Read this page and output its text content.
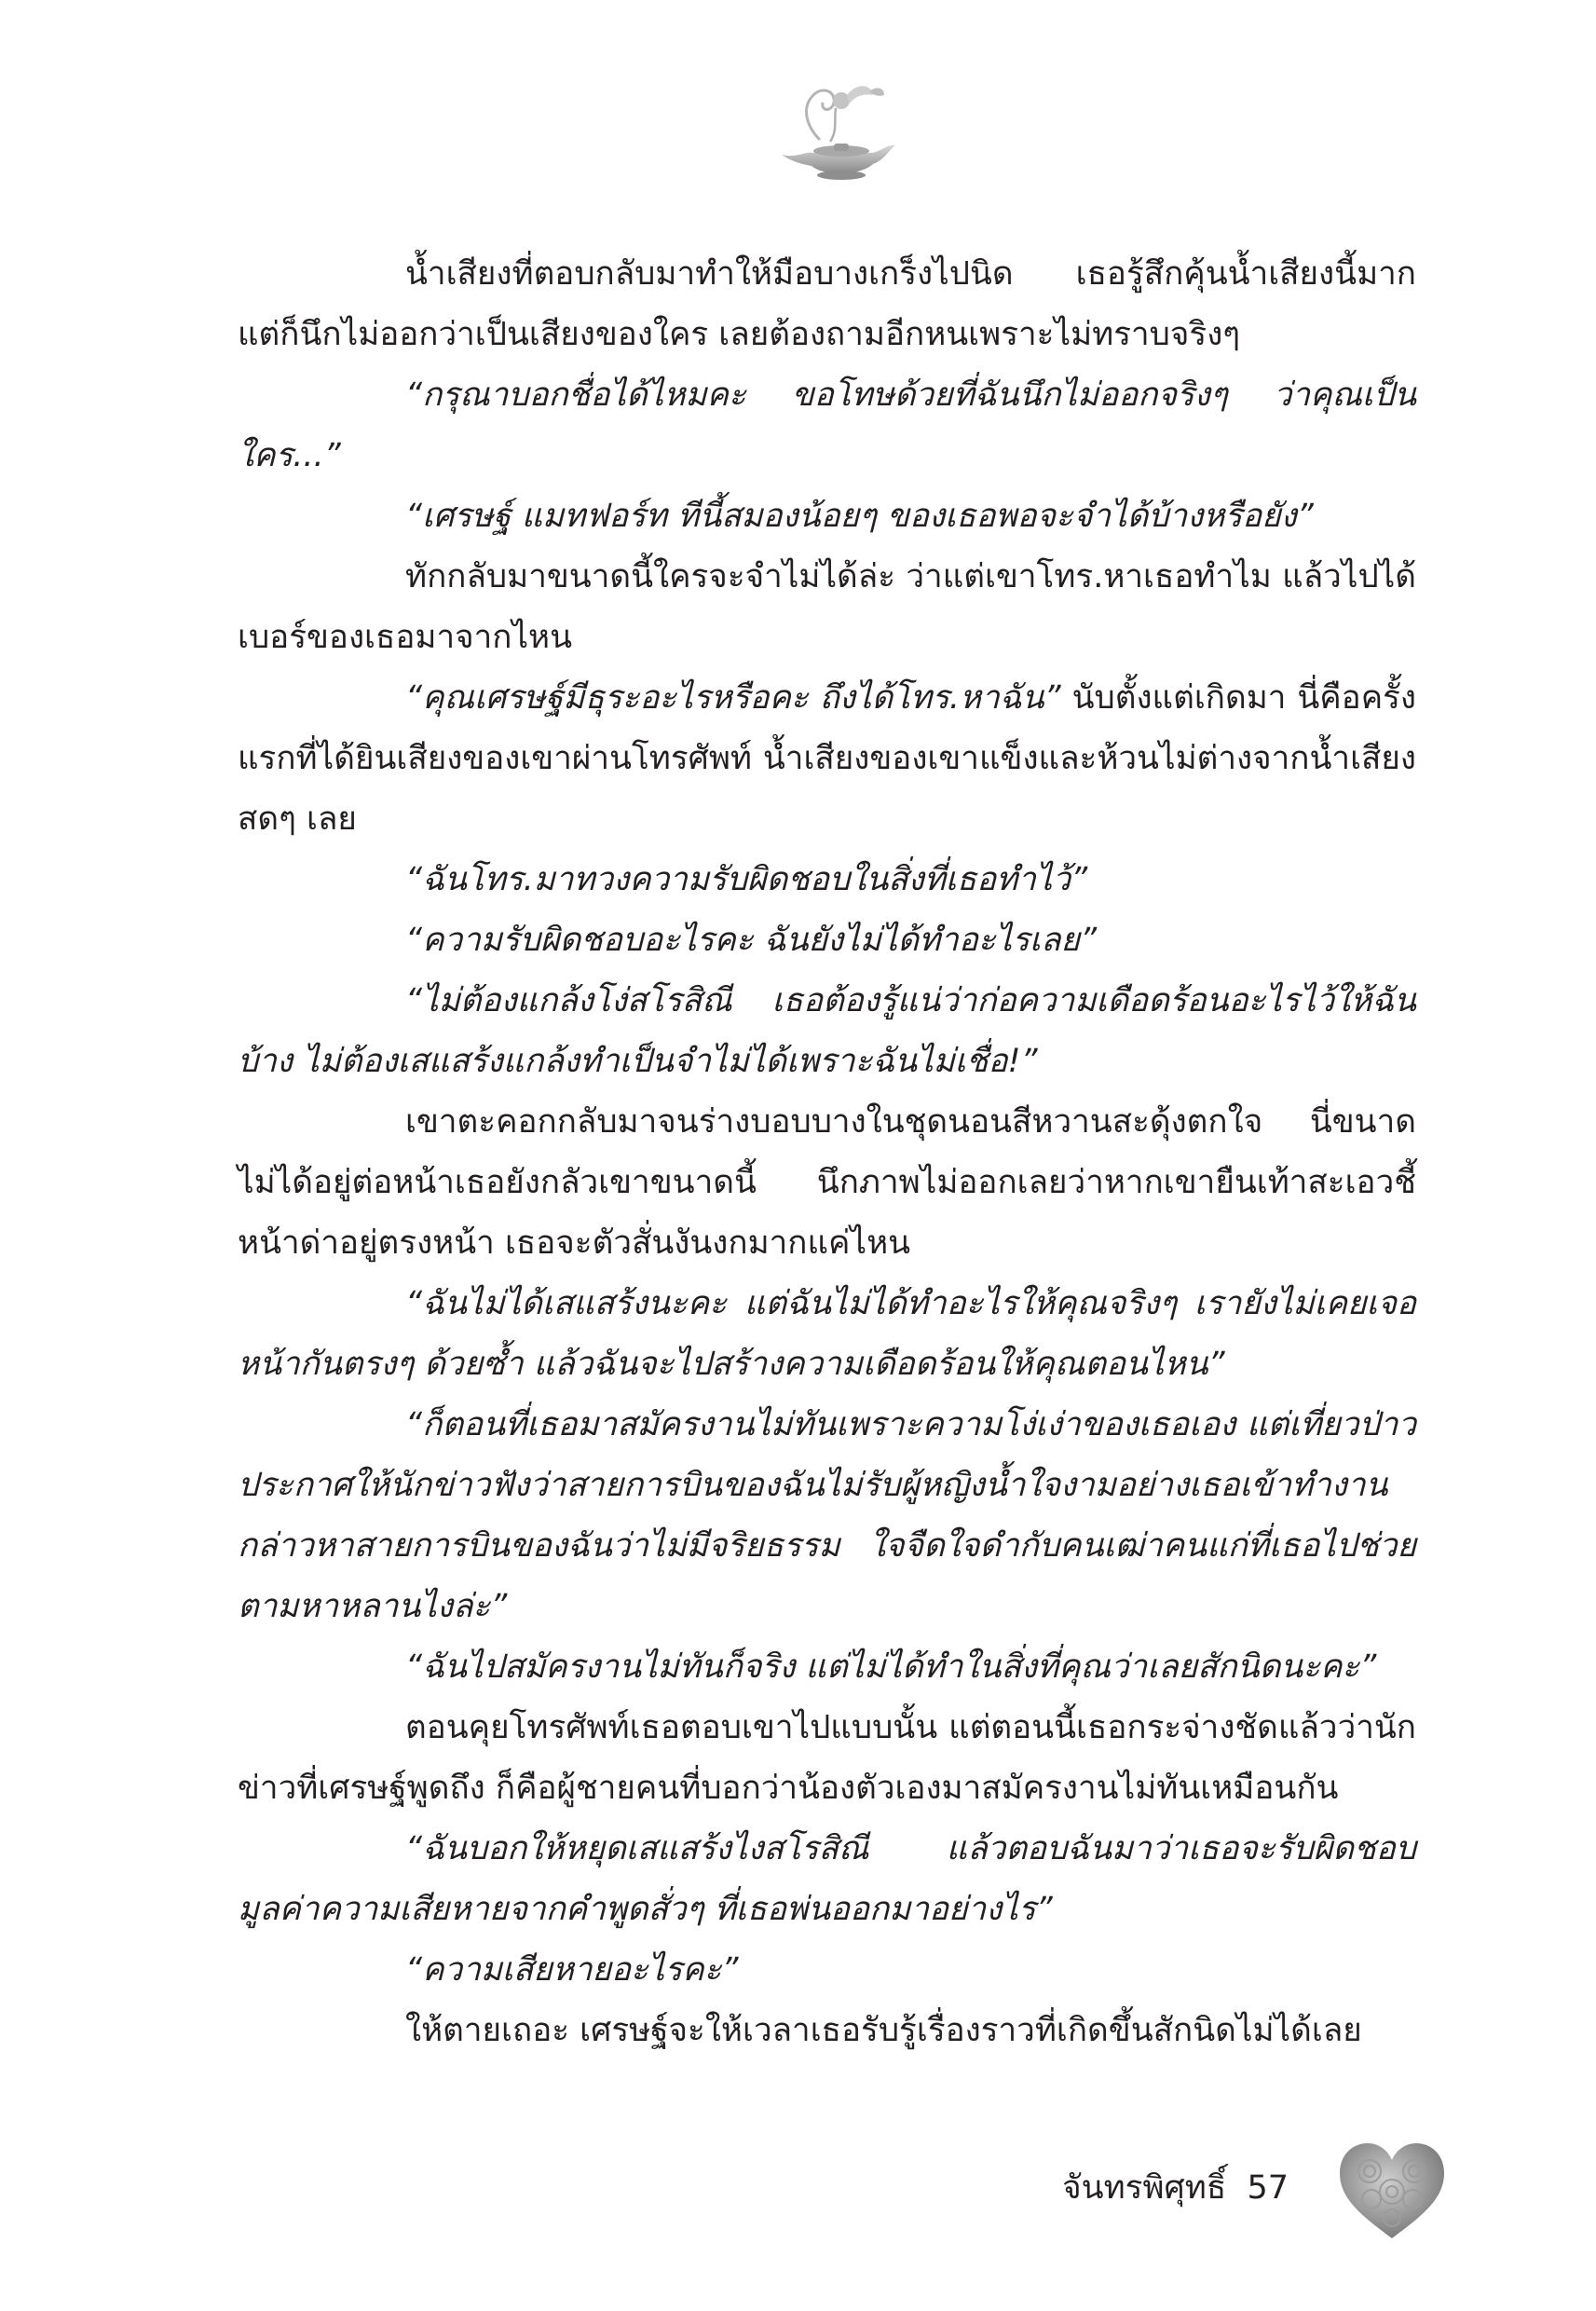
น้ำเสียงที่ตอบกลับมาทำให้มือบางเกร็งไปนิด เธอรู้สึกคุ้นน้ำเสียงนี้มาก แต่ก็นึกไม่ออกว่าเป็นเสียงของใคร เลยต้องถามอีกหนเพราะไม่ทราบจริงๆ

“กรุณาบอกชื่อได้ไหมคะ ขอโทษด้วยที่ฉันนึกไม่ออกจริงๆ ว่าคุณเป็นใคร...”

“เศรษฐ์ แมทฟอร์ท ทีนี้สมองน้อยๆ ของเธอพอจะจำได้บ้างหรือยัง”

ทักกลับมาขนาดนี้ใครจะจำไม่ได้ล่ะ ว่าแต่เขาโทร.หาเธอทำไม แล้วไปได้เบอร์ของเธอมาจากไหน

“คุณเศรษฐ์มีธุระอะไรหรือคะ ถึงได้โทร.หาฉัน” นับตั้งแต่เกิดมา นี่คือครั้งแรกที่ได้ยินเสียงของเขาผ่านโทรศัพท์ น้ำเสียงของเขาแข็งและห้วนไม่ต่างจากน้ำเสียงสดๆ เลย

“ฉันโทร.มาทวงความรับผิดชอบในสิ่งที่เธอทำไว้”

“ความรับผิดชอบอะไรคะ ฉันยังไม่ได้ทำอะไรเลย”

“ไม่ต้องแกล้งโง่สโรสิณี เธอต้องรู้แน่ว่าก่อความเดือดร้อนอะไรไว้ให้ฉันบ้าง ไม่ต้องเสแสร้งแกล้งทำเป็นจำไม่ได้เพราะฉันไม่เชื่อ!”

เขาตะคอกกลับมาจนร่างบอบบางในชุดนอนสีหวานสะดุ้งตกใจ นี่ขนาดไม่ได้อยู่ต่อหน้าเธอยังกลัวเขาขนาดนี้ นึกภาพไม่ออกเลยว่าหากเขายืนเท้าสะเอวชี้หน้าด่าอยู่ตรงหน้า เธอจะตัวสั่นงันงกมากแค่ไหน

“ฉันไม่ได้เสแสร้งนะคะ แต่ฉันไม่ได้ทำอะไรให้คุณจริงๆ เรายังไม่เคยเจอหน้ากันตรงๆ ด้วยซ้ำ แล้วฉันจะไปสร้างความเดือดร้อนให้คุณตอนไหน”

“ก็ตอนที่เธอมาสมัครงานไม่ทันเพราะความโง่เง่าของเธอเอง แต่เที่ยวป่าวประกาศให้นักข่าวฟังว่าสายการบินของฉันไม่รับผู้หญิงน้ำใจงามอย่างเธอเข้าทำงาน กล่าวหาสายการบินของฉันว่าไม่มีจริยธรรม ใจจืดใจดำกับคนเฒ่าคนแก่ที่เธอไปช่วยตามหาหลานไงล่ะ”

“ฉันไปสมัครงานไม่ทันก็จริง แต่ไม่ได้ทำในสิ่งที่คุณว่าเลยสักนิดนะคะ”

ตอนคุยโทรศัพท์เธอตอบเขาไปแบบนั้น แต่ตอนนี้เธอกระจ่างชัดแล้วว่านักข่าวที่เศรษฐ์พูดถึง ก็คือผู้ชายคนที่บอกว่าน้องตัวเองมาสมัครงานไม่ทันเหมือนกัน

“ฉันบอกให้หยุดเสแสร้งไงสโรสิณี แล้วตอบฉันมาว่าเธอจะรับผิดชอบมูลค่าความเสียหายจากคำพูดสั่วๆ ที่เธอพ่นออกมาอย่างไร”

“ความเสียหายอะไรคะ”

ให้ตายเถอะ เศรษฐ์จะให้เวลาเธอรับรู้เรื่องราวที่เกิดขึ้นสักนิดไม่ได้เลย

จันทรพิศุทธิ์ 57
